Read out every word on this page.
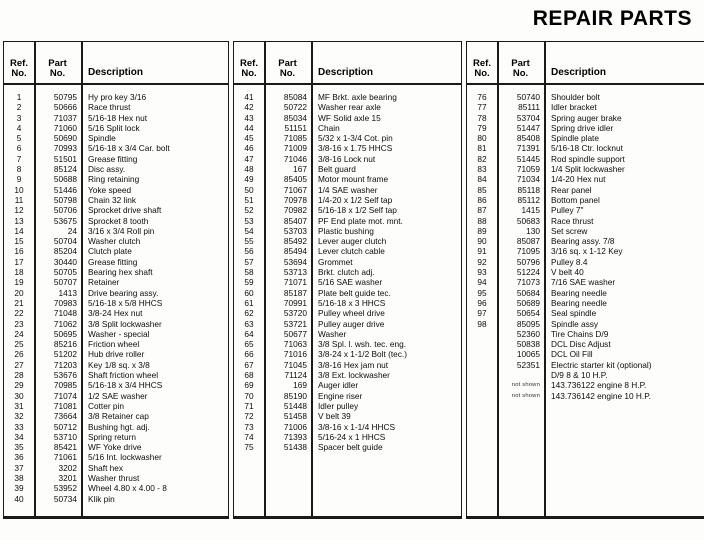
REPAIR PARTS
Ref.
No.
Part
No.	Description
1	50795	Hy pro key 3/16
2	50666	Race thrust
3	71037	5/16-18 Hex nut
4	71060	5/16 Split lock
5	50690	Spindle
6	70993	5/16-18 x 3/4 Car. bolt
7	51501	Grease fitting
8	85124	Disc assy.
9	50688	Ring retaining
10	51446	Yoke speed
11	50798	Chain 32 link
12	50706	Sprocket drive shaft
13	53675	Sprocket 8 tooth
14	24	3/16 x 3/4 Roll pin
15	50704	Washer clutch
16	85204	Clutch plate
17	30440	Grease fitting
18	50705	Bearing hex shaft
19	50707	Retainer
20	1413	Drive bearing assy.
21	70983	5/16-18 x 5/8 HHCS
22	71048	3/8-24 Hex nut
23	71062	3/8 Split lockwasher
24	50695	Washer - special
25	85216	Friction wheel
26	51202	Hub drive roller
27	71203	Key 1/8 sq. x 3/8
28	53676	Shaft friction wheel
29	70985	5/16-18 x 3/4 HHCS
30	71074	1/2 SAE washer
31	71081	Cotter pin
32	73664	3/8 Retainer cap
33	50712	Bushing hgt. adj.
34	53710	Spring return
35	85421	WF Yoke drive
36	71061	5/16 Int. lockwasher
37	3202	Shaft hex
38	3201	Washer thrust
39	53952	Wheel 4.80 x 4.00 - 8
40	50734	Klik pin
Ref.
No.
Part
No.	Description
41	85084	MF Brkt. axle bearing
42	50722	Washer rear axle
43	85034	WF Solid axle 15
44	51151	Chain
45	71085	5/32 x 1-3/4 Cot. pin
46	71009	3/8-16 x 1.75 HHCS
47	71046	3/8-16 Lock nut
48	167	Belt guard
49	85405	Motor mount frame
50	71067	1/4 SAE washer
51	70978	1/4-20 x 1/2 Self tap
52	70982	5/16-18 x 1/2 Self tap
53	85407	PF End plate mot. mnt.
54	53703	Plastic bushing
55	85492	Lever auger clutch
56	85494	Lever clutch cable
57	53694	Grommet
58	53713	Brkt. clutch adj.
59	71071	5/16 SAE washer
60	85187	Plate belt guide tec.
61	70991	5/16-18 x 3 HHCS
62	53720	Pulley wheel drive
63	53721	Pulley auger drive
64	50677	Washer
65	71063	3/8 Spl. l. wsh. tec. eng.
66	71016	3/8-24 x 1-1/2 Bolt (tec.)
67	71045	3/8-16 Hex jam nut
68	71124	3/8 Ext. lockwasher
69	169	Auger idler
70	85190	Engine riser
71	51448	Idler pulley
72	51458	V belt 39
73	71006	3/8-16 x 1-1/4 HHCS
74	71393	5/16-24 x 1 HHCS
75	51438	Spacer belt guide
Ref.
No.
Part
No.	Description
76	50740	Shoulder bolt
77	85111	Idler bracket
78	53704	Spring auger brake
79	51447	Spring drive idler
80	85408	Spindle plate
81	71391	5/16-18 Ctr. locknut
82	51445	Rod spindle support
83	71059	1/4 Split lockwasher
84	71034	1/4-20 Hex nut
85	85118	Rear panel
86	85112	Bottom panel
87	1415	Pulley 7"
88	50683	Race thrust
89	130	Set screw
90	85087	Bearing assy. 7/8
91	71095	3/16 sq. x 1-12 Key
92	50796	Pulley 8.4
93	51224	V belt 40
94	71073	7/16 SAE washer
95	50684	Bearing needle
96	50689	Bearing needle
97	50654	Seal spindle
98	85095	Spindle assy
52360	Tire Chains D/9
50838	DCL Disc Adjust
10065	DCL Oil Fill
52351	Electric starter kit (optional)
D/9 8 & 10 H.P.
not shown	143.736122 engine 8 H.P.
not shown	143.736142 engine 10 H.P.
